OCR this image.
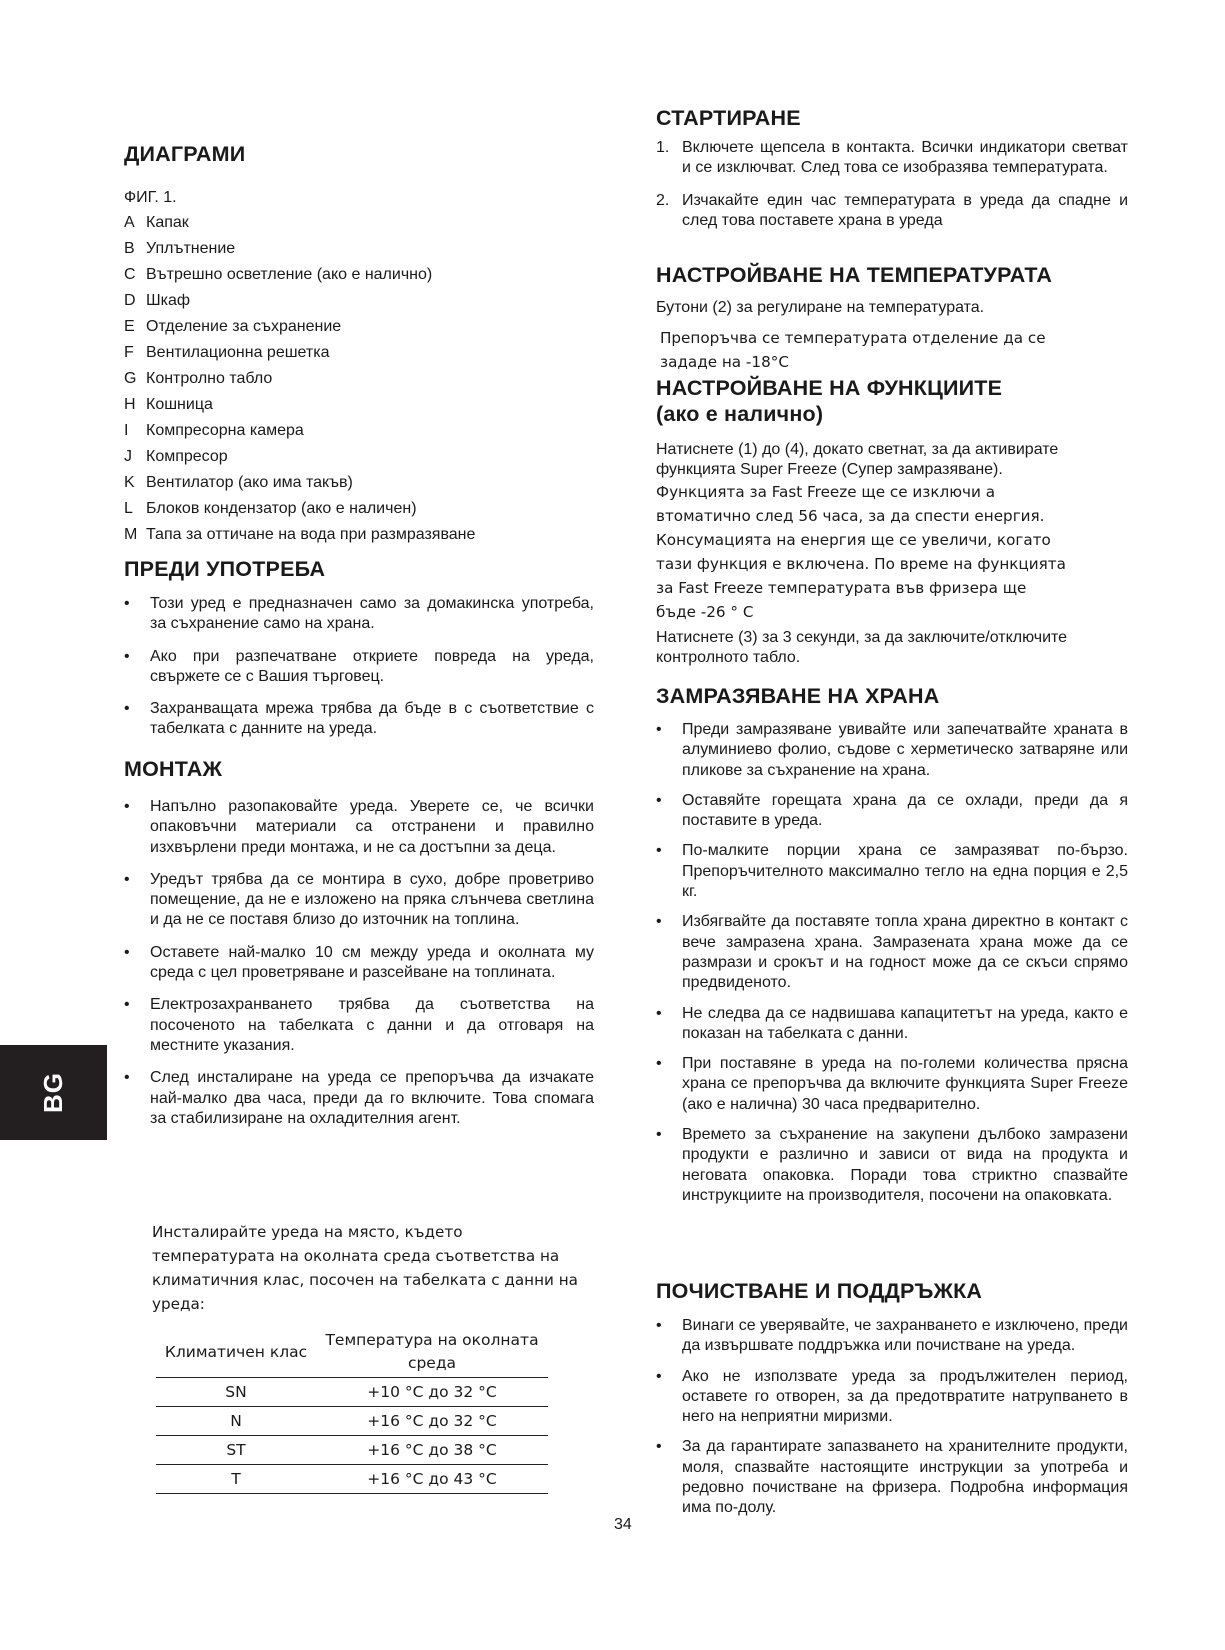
ДИАГРАМИ
ФИГ. 1.
A Капак
B Уплътнение
C Вътрешно осветление (ако е налично)
D Шкаф
E Отделение за съхранение
F Вентилационна решетка
G Контролно табло
H Кошница
I Компресорна камера
J Компресор
K Вентилатор (ако има такъв)
L Блоков кондензатор (ако е наличен)
M Тапа за оттичане на вода при размразяване
ПРЕДИ УПОТРЕБА
• Този уред е предназначен само за домакинска употреба, за съхранение само на храна.
• Ако при разпечатване откриете повреда на уреда, свържете се с Вашия търговец.
• Захранващата мрежа трябва да бъде в с съответствие с табелката с данните на уреда.
МОНТАЖ
• Напълно разопаковайте уреда. Уверете се, че всички опаковъчни материали са отстранени и правилно изхвърлени преди монтажа, и не са достъпни за деца.
• Уредът трябва да се монтира в сухо, добре проветриво помещение, да не е изложено на пряка слънчева светлина и да не се поставя близо до източник на топлина.
• Оставете най-малко 10 см между уреда и околната му среда с цел проветряване и разсейване на топлината.
• Електрозахранването трябва да съответства на посоченото на табелката с данни и да отговаря на местните указания.
• След инсталиране на уреда се препоръчва да изчакате най-малко два часа, преди да го включите. Това спомага за стабилизиране на охладителния агент.
Инсталирайте уреда на място, където температурата на околната среда съответства на климатичния клас, посочен на табелката с данни на уреда:
Климатичен клас	Температура на околната среда
SN	+10 °C до 32 °C
N	+16 °C до 32 °C
ST	+16 °C до 38 °C
T	+16 °C до 43 °C
СТАРТИРАНЕ
1. Включете щепсела в контакта. Всички индикатори светват и се изключват. След това се изобразява температурата.
2. Изчакайте един час температурата в уреда да спадне и след това поставете храна в уреда
НАСТРОЙВАНЕ НА ТЕМПЕРАТУРАТА
Бутони (2) за регулиране на температурата.
Препоръчва се температурата отделение да се зададе на -18°C
НАСТРОЙВАНЕ НА ФУНКЦИИТЕ
(ако е налично)
Натиснете (1) до (4), докато светнат, за да активирате функцията Super Freeze (Супер замразяване).
Функцията за Fast Freeze ще се изключи а
втоматично след 56 часа, за да спести енергия.
Консумацията на енергия ще се увеличи, когато
тази функция е включена. По време на функцията
за Fast Freeze температурата във фризера ще
бъде -26 ° C
Натиснете (3) за 3 секунди, за да заключите/отключите контролното табло.
ЗАМРАЗЯВАНЕ НА ХРАНА
• Преди замразяване увивайте или запечатвайте храната в алуминиево фолио, съдове с херметическо затваряне или пликове за съхранение на храна.
• Оставяйте горещата храна да се охлади, преди да я поставите в уреда.
• По-малките порции храна се замразяват по-бързо. Препоръчителното максимално тегло на една порция е 2,5 кг.
• Избягвайте да поставяте топла храна директно в контакт с вече замразена храна. Замразената храна може да се размрази и срокът и на годност може да се скъси спрямо предвиденото.
• Не следва да се надвишава капацитетът на уреда, както е показан на табелката с данни.
• При поставяне в уреда на по-големи количества прясна храна се препоръчва да включите функцията Super Freeze (ако е налична) 30 часа предварително.
• Времето за съхранение на закупени дълбоко замразени продукти е различно и зависи от вида на продукта и неговата опаковка. Поради това стриктно спазвайте инструкциите на производителя, посочени на опаковката.
ПОЧИСТВАНЕ И ПОДДРЪЖКА
• Винаги се уверявайте, че захранването е изключено, преди да извършвате поддръжка или почистване на уреда.
• Ако не използвате уреда за продължителен период, оставете го отворен, за да предотвратите натрупването в него на неприятни миризми.
• За да гарантирате запазването на хранителните продукти, моля, спазвайте настоящите инструкции за употреба и редовно почистване на фризера. Подробна информация има по-долу.
BG
34
